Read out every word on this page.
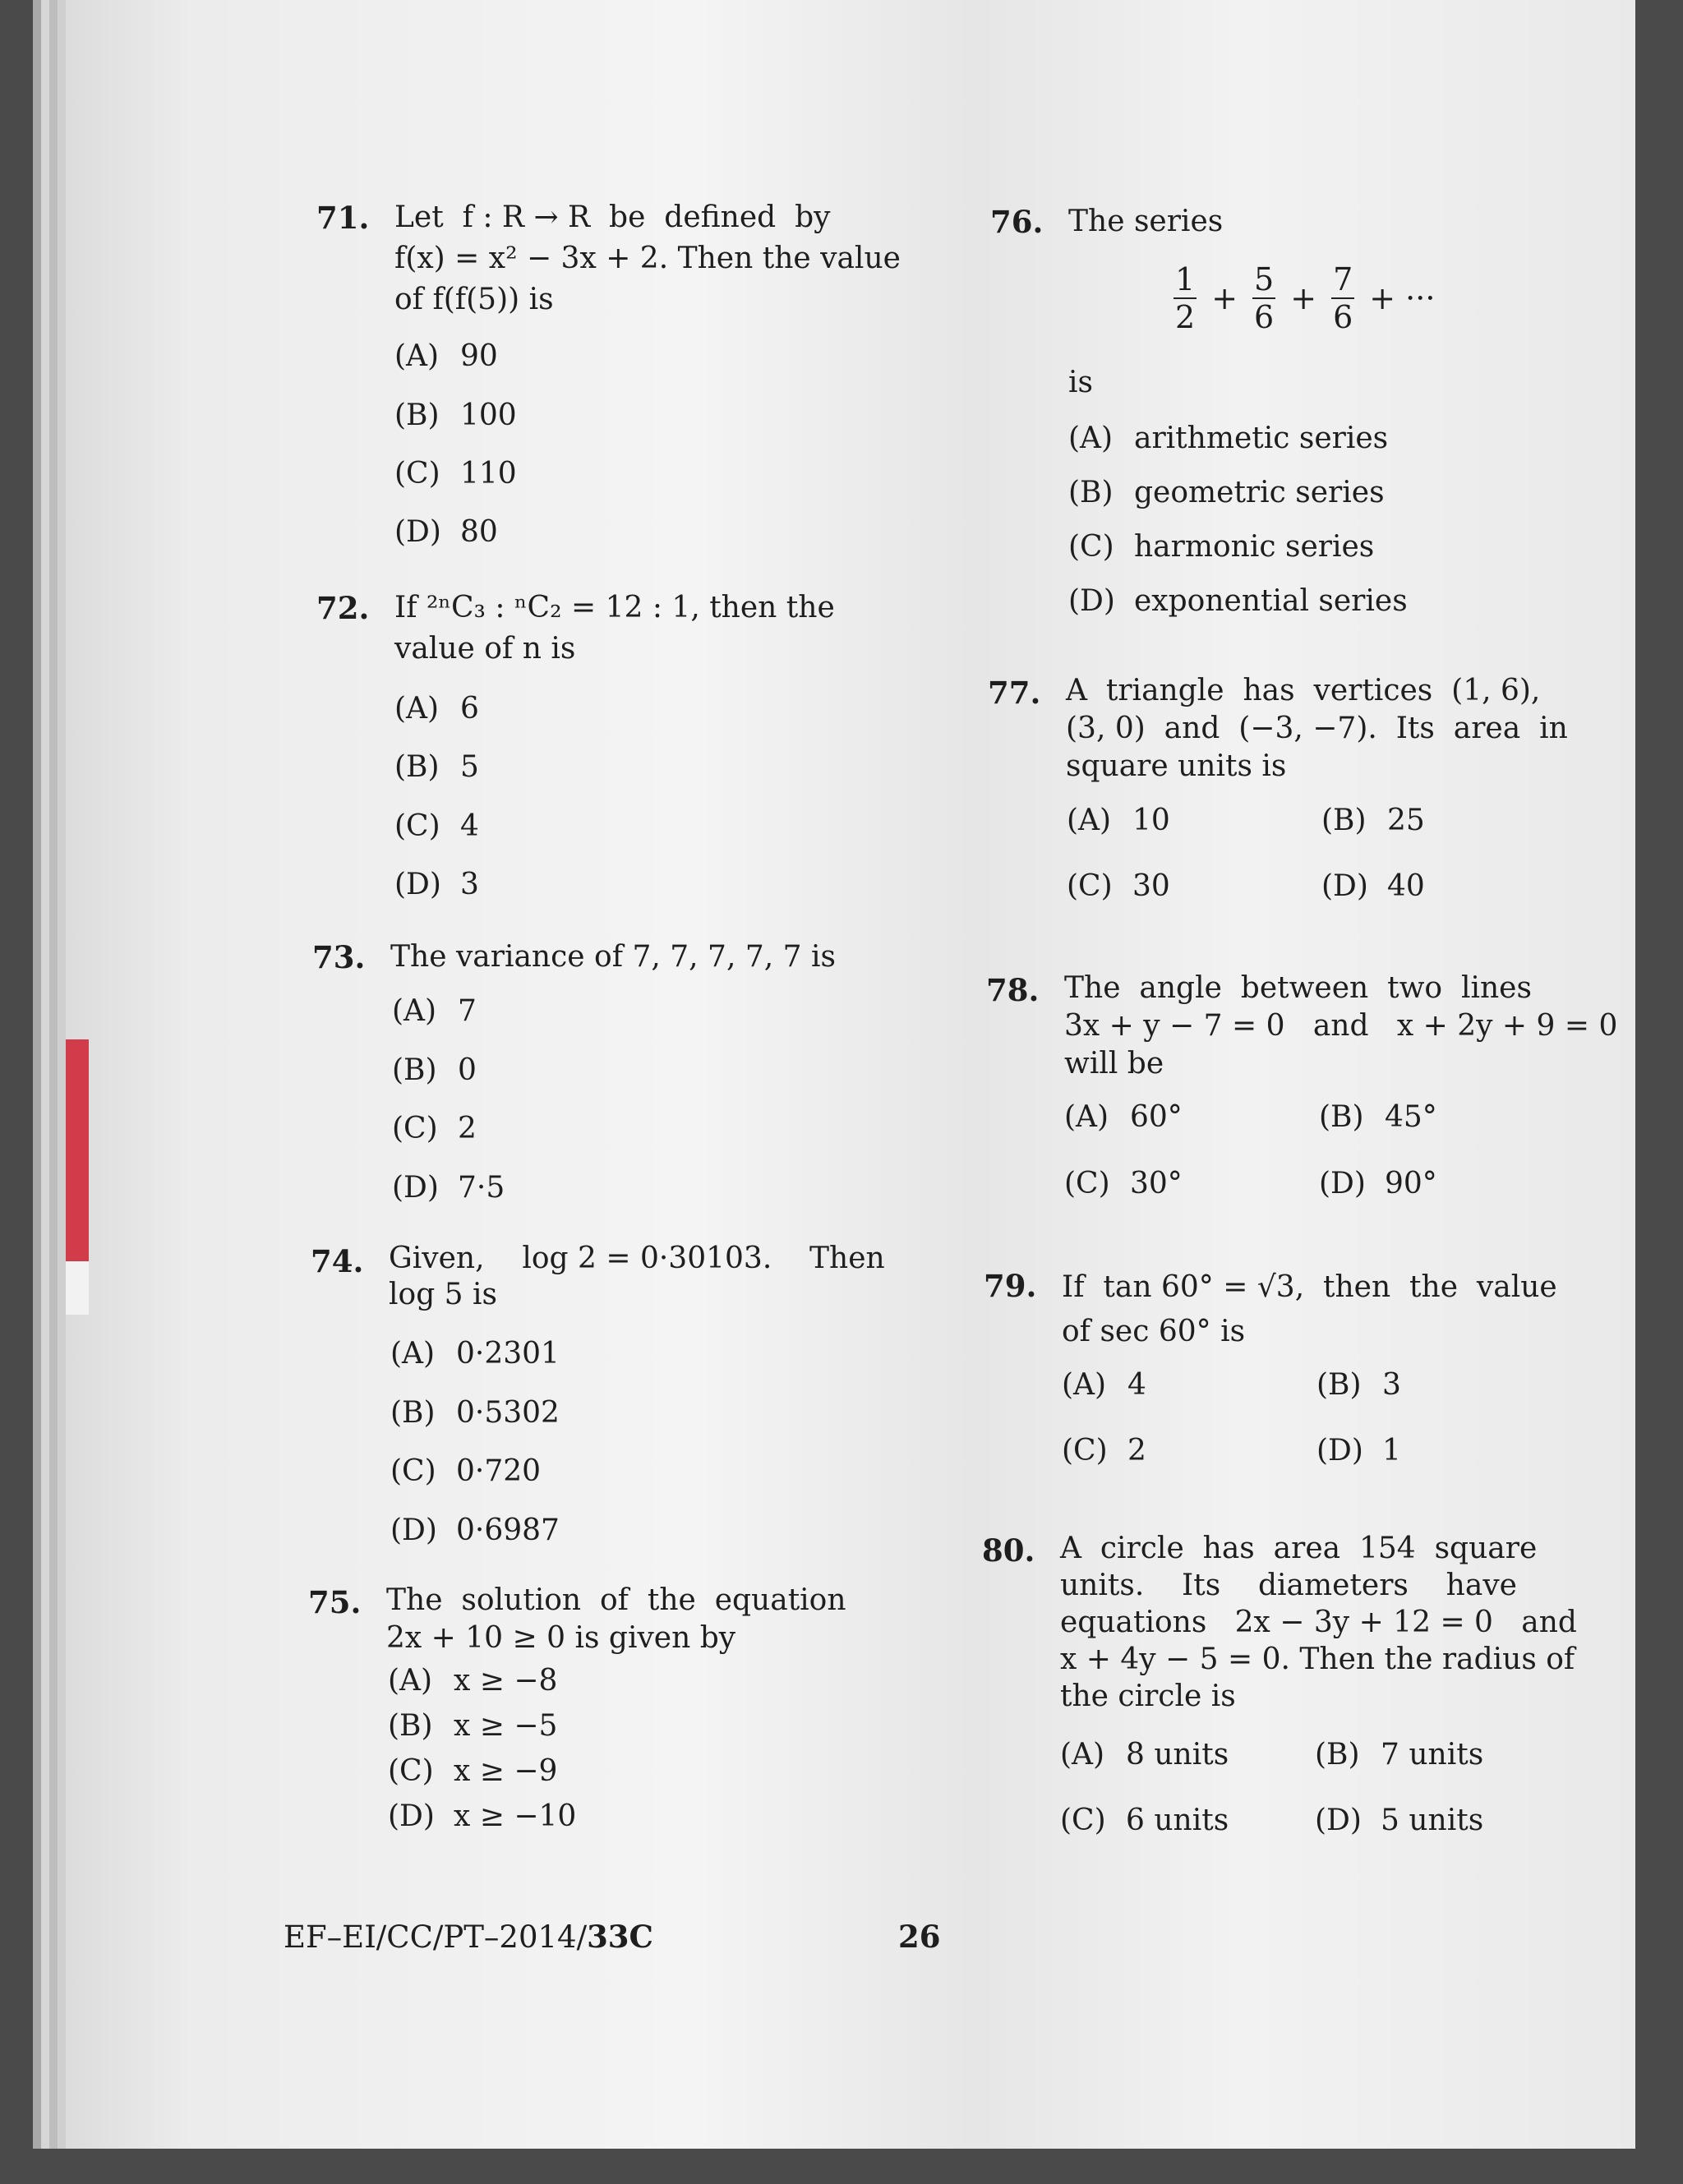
71. Let  f : R → R  be  defined  by
f(x) = x² − 3x + 2. Then the value
of f(f(5)) is
(A) 90
(B) 100
(C) 110
(D) 80
72. If ²ⁿC₃ : ⁿC₂ = 12 : 1, then the
value of n is
(A) 6
(B) 5
(C) 4
(D) 3
73. The variance of 7, 7, 7, 7, 7 is
(A) 7
(B) 0
(C) 2
(D) 7·5
74. Given,    log 2 = 0·30103.    Then
log 5 is
(A) 0·2301
(B) 0·5302
(C) 0·720
(D) 0·6987
75. The  solution  of  the  equation
2x + 10 ≥ 0 is given by
(A) x ≥ −8
(B) x ≥ −5
(C) x ≥ −9
(D) x ≥ −10
76. The series
$\frac{1}{2} + \frac{5}{6} + \frac{7}{6}$ + ···
is
(A) arithmetic series
(B) geometric series
(C) harmonic series
(D) exponential series
77. A  triangle  has  vertices  (1, 6),
(3, 0)  and  (−3, −7).  Its  area  in
square units is
(A) 10	(B) 25
(C) 30	(D) 40
78. The  angle  between  two  lines
3x + y − 7 = 0   and   x + 2y + 9 = 0
will be
(A) 60°	(B) 45°
(C) 30°	(D) 90°
79. If  tan 60° = √3,  then  the  value
of sec 60° is
(A) 4	(B) 3
(C) 2	(D) 1
80. A  circle  has  area  154  square
units.    Its    diameters    have
equations   2x − 3y + 12 = 0   and
x + 4y − 5 = 0. Then the radius of
the circle is
(A) 8 units	(B) 7 units
(C) 6 units	(D) 5 units
EF–EI/CC/PT–2014/33C	26
